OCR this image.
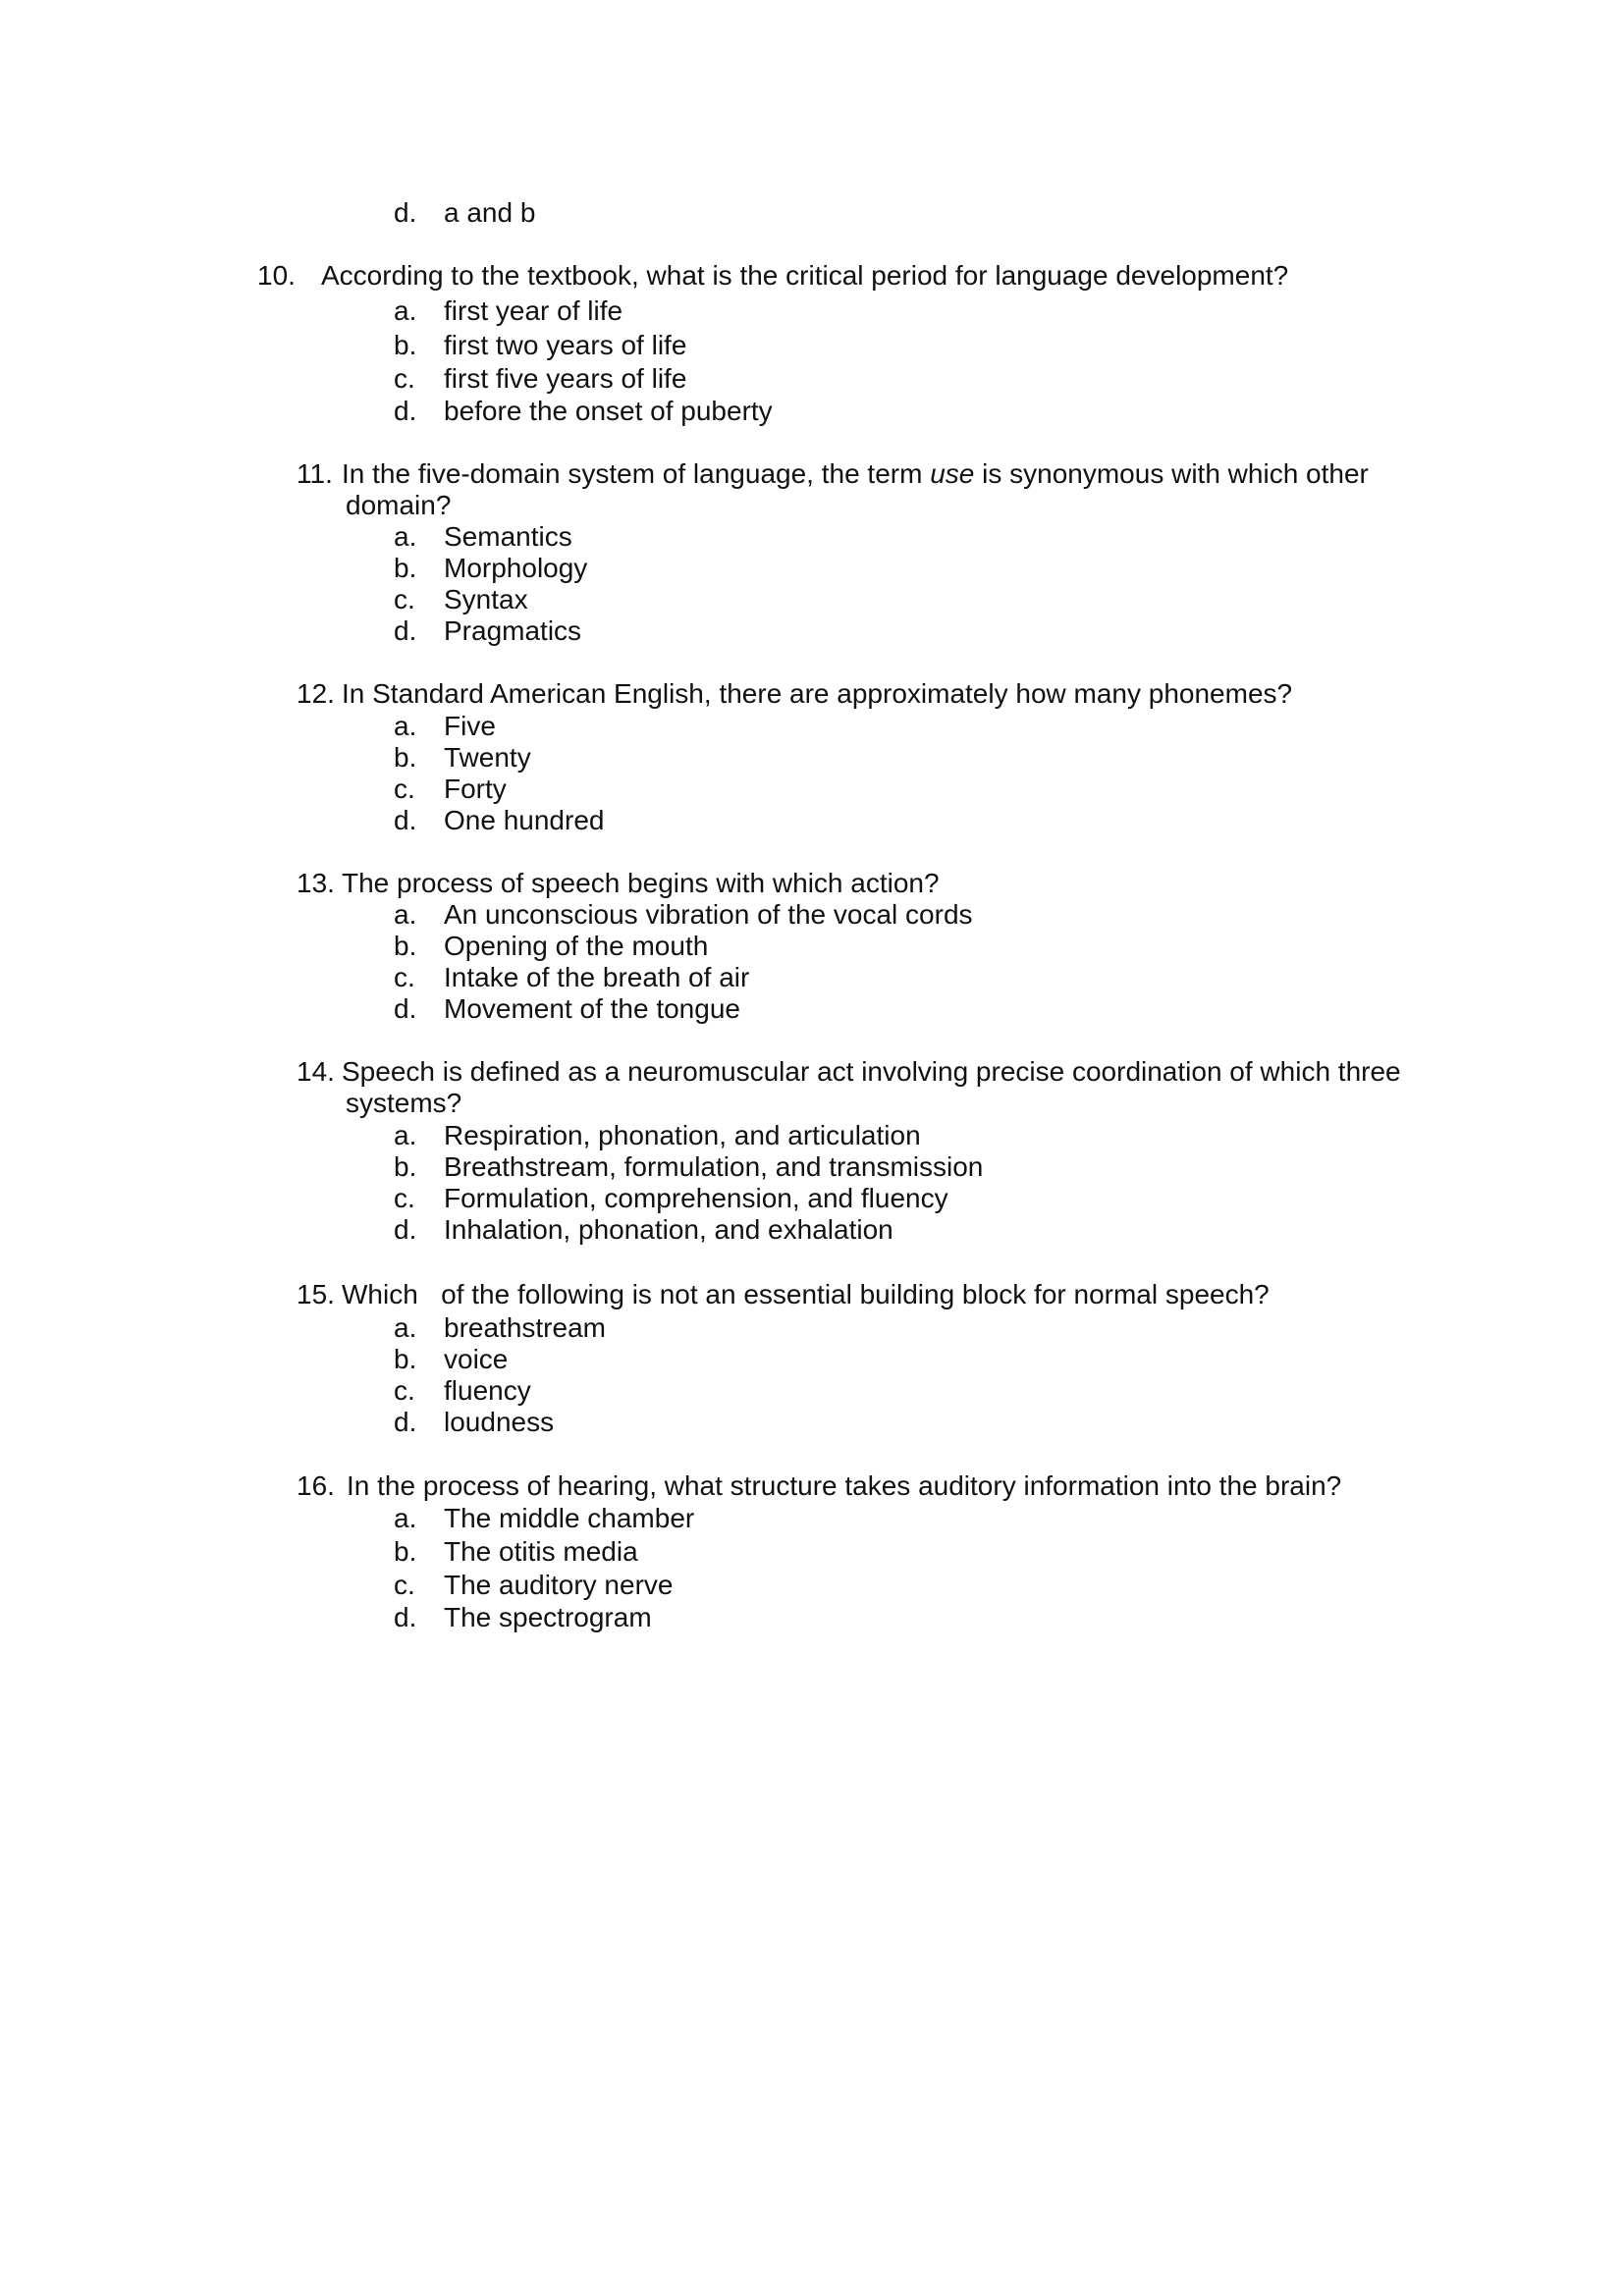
d. a and b
10. According to the textbook, what is the critical period for language development?
a. first year of life
b. first two years of life
c. first five years of life
d. before the onset of puberty
11. In the five-domain system of language, the term use is synonymous with which other
domain?
a. Semantics
b. Morphology
c. Syntax
d. Pragmatics
12. In Standard American English, there are approximately how many phonemes?
a. Five
b. Twenty
c. Forty
d. One hundred
13. The process of speech begins with which action?
a. An unconscious vibration of the vocal cords
b. Opening of the mouth
c. Intake of the breath of air
d. Movement of the tongue
14. Speech is defined as a neuromuscular act involving precise coordination of which three
systems?
a. Respiration, phonation, and articulation
b. Breathstream, formulation, and transmission
c. Formulation, comprehension, and fluency
d. Inhalation, phonation, and exhalation
15. Which   of the following is not an essential building block for normal speech?
a. breathstream
b. voice
c. fluency
d. loudness
16. In the process of hearing, what structure takes auditory information into the brain?
a. The middle chamber
b. The otitis media
c. The auditory nerve
d. The spectrogram
